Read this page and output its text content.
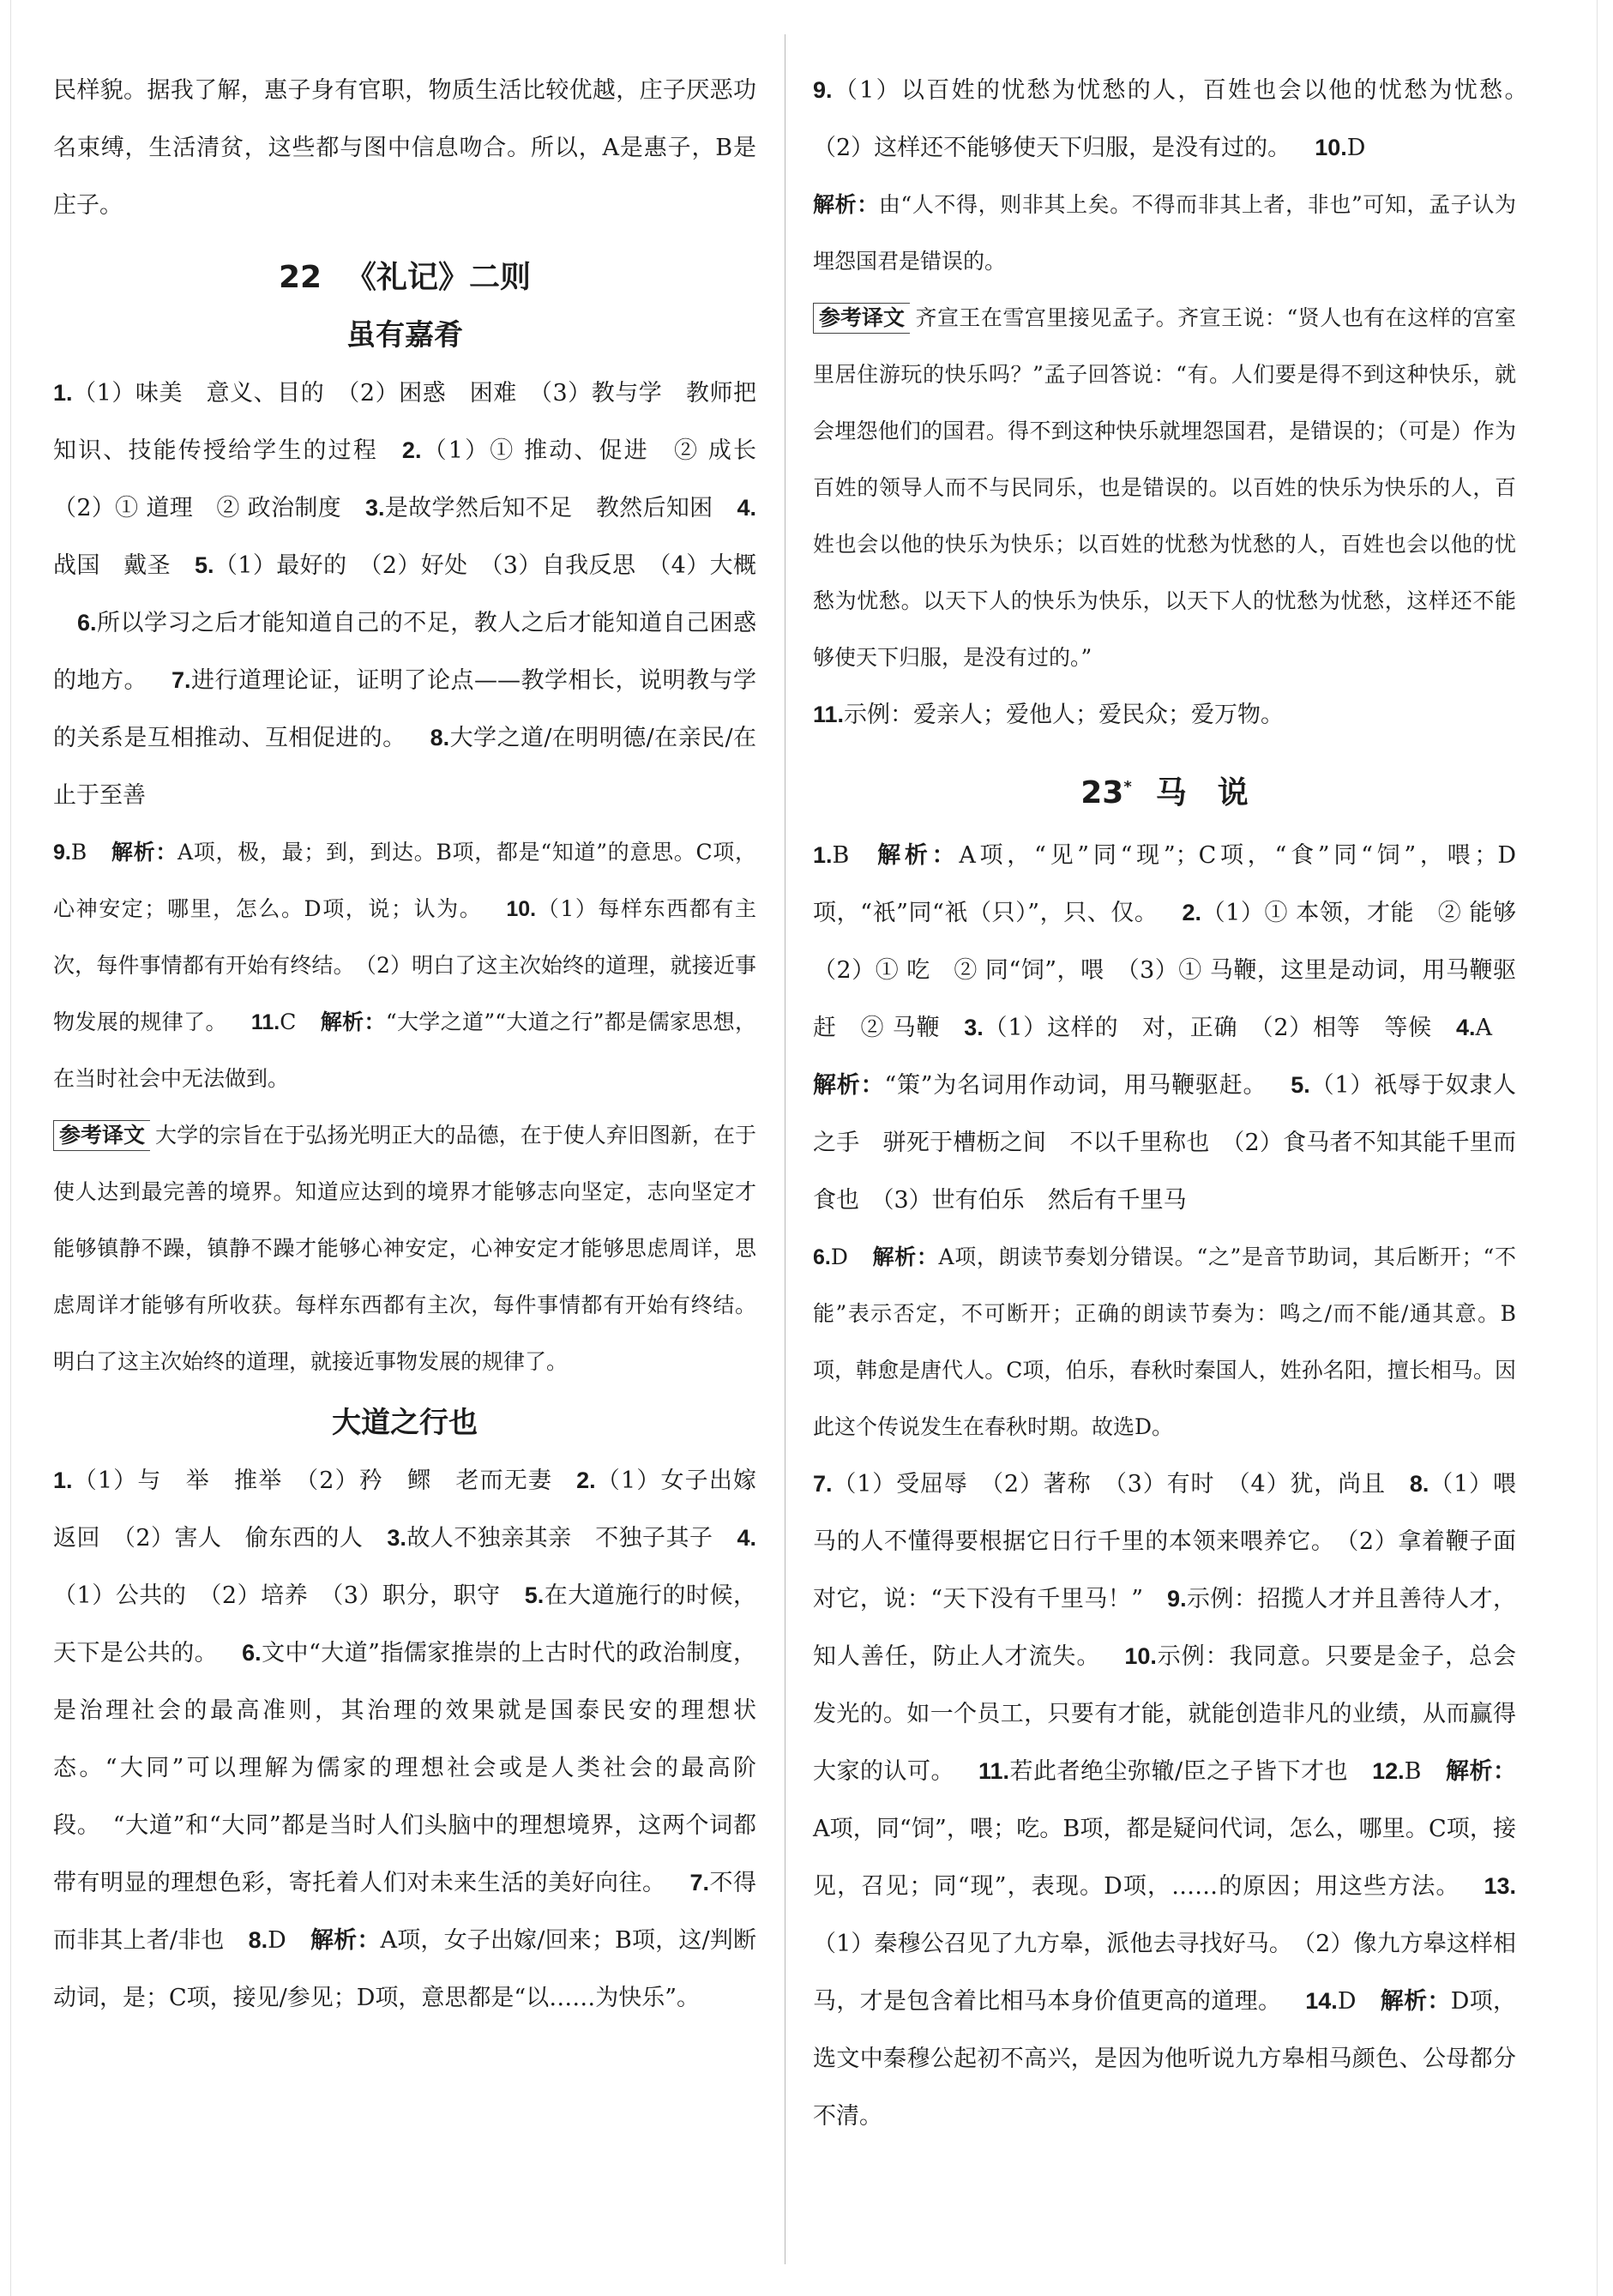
民样貌。据我了解，惠子身有官职，物质生活比较优越，庄子厌恶功名束缚，生活清贫，这些都与图中信息吻合。所以，A是惠子，B是庄子。

22 《礼记》二则
虽有嘉肴

1.（1）味美　意义、目的　（2）困惑　困难　（3）教与学　教师把知识、技能传授给学生的过程 2.（1）① 推动、促进　② 成长　（2）① 道理　② 政治制度 3.是故学然后知不足　教然后知困 4.战国　戴圣 5.（1）最好的　（2）好处　（3）自我反思　（4）大概6.所以学习之后才能知道自己的不足，教人之后才能知道自己困惑的地方。 7.进行道理论证，证明了论点——教学相长，说明教与学的关系是互相推动、互相促进的。 8.大学之道/在明明德/在亲民/在止于至善

9.B 解析：A项，极，最；到，到达。B项，都是“知道”的意思。C项，心神安定；哪里，怎么。D项，说；认为。 10.（1）每样东西都有主次，每件事情都有开始有终结。　（2）明白了这主次始终的道理，就接近事物发展的规律了。 11.C 解析：“大学之道”“大道之行”都是儒家思想，在当时社会中无法做到。

参考译文 大学的宗旨在于弘扬光明正大的品德，在于使人弃旧图新，在于使人达到最完善的境界。知道应达到的境界才能够志向坚定，志向坚定才能够镇静不躁，镇静不躁才能够心神安定，心神安定才能够思虑周详，思虑周详才能够有所收获。每样东西都有主次，每件事情都有开始有终结。明白了这主次始终的道理，就接近事物发展的规律了。

大道之行也

1.（1）与　举　推举　（2）矜　鳏　老而无妻 2.（1）女子出嫁　返回　（2）害人　偷东西的人 3.故人不独亲其亲　不独子其子 4.（1）公共的　（2）培养　（3）职分，职守 5.在大道施行的时候，天下是公共的。 6.文中“大道”指儒家推崇的上古时代的政治制度，是治理社会的最高准则，其治理的效果就是国泰民安的理想状态。“大同”可以理解为儒家的理想社会或是人类社会的最高阶段。　“大道”和“大同”都是当时人们头脑中的理想境界，这两个词都带有明显的理想色彩，寄托着人们对未来生活的美好向往。 7.不得而非其上者/非也 8.D 解析：A项，女子出嫁/回来；B项，这/判断动词，是；C项，接见/参见；D项，意思都是“以……为快乐”。

9.（1）以百姓的忧愁为忧愁的人，百姓也会以他的忧愁为忧愁。　（2）这样还不能够使天下归服，是没有过的。 10.D

解析：由“人不得，则非其上矣。不得而非其上者，非也”可知，孟子认为埋怨国君是错误的。

参考译文 齐宣王在雪宫里接见孟子。齐宣王说：“贤人也有在这样的宫室里居住游玩的快乐吗？”孟子回答说：“有。人们要是得不到这种快乐，就会埋怨他们的国君。得不到这种快乐就埋怨国君，是错误的；（可是）作为百姓的领导人而不与民同乐，也是错误的。以百姓的快乐为快乐的人，百姓也会以他的快乐为快乐；以百姓的忧愁为忧愁的人，百姓也会以他的忧愁为忧愁。以天下人的快乐为快乐，以天下人的忧愁为忧愁，这样还不能够使天下归服，是没有过的。”

11.示例：爱亲人；爱他人；爱民众；爱万物。

23* 马　说

1.B 解析：A项，“见”同“现”；C项，“食”同“饲”，喂；D项，“祇”同“衹（只）”，只、仅。 2.（1）① 本领，才能　② 能够　（2）① 吃　② 同“饲”，喂　（3）① 马鞭，这里是动词，用马鞭驱赶　② 马鞭 3.（1）这样的　对，正确　（2）相等　等候 4.A解析：“策”为名词用作动词，用马鞭驱赶。 5.（1）祇辱于奴隶人之手　骈死于槽枥之间　不以千里称也　（2）食马者不知其能千里而食也　（3）世有伯乐　然后有千里马

6.D 解析：A项，朗读节奏划分错误。“之”是音节助词，其后断开；“不能”表示否定，不可断开；正确的朗读节奏为：鸣之/而不能/通其意。B项，韩愈是唐代人。C项，伯乐，春秋时秦国人，姓孙名阳，擅长相马。因此这个传说发生在春秋时期。故选D。

7.（1）受屈辱　（2）著称　（3）有时　（4）犹，尚且 8.（1）喂马的人不懂得要根据它日行千里的本领来喂养它。　（2）拿着鞭子面对它，说：“天下没有千里马！” 9.示例：招揽人才并且善待人才，知人善任，防止人才流失。 10.示例：我同意。只要是金子，总会发光的。如一个员工，只要有才能，就能创造非凡的业绩，从而赢得大家的认可。 11.若此者绝尘弥辙/臣之子皆下才也 12.B 解析：A项，同“饲”，喂；吃。B项，都是疑问代词，怎么，哪里。C项，接见，召见；同“现”，表现。D项，……的原因；用这些方法。 13.（1）秦穆公召见了九方皋，派他去寻找好马。　（2）像九方皋这样相马，才是包含着比相马本身价值更高的道理。 14.D 解析：D项，选文中秦穆公起初不高兴，是因为他听说九方皋相马颜色、公母都分不清。
